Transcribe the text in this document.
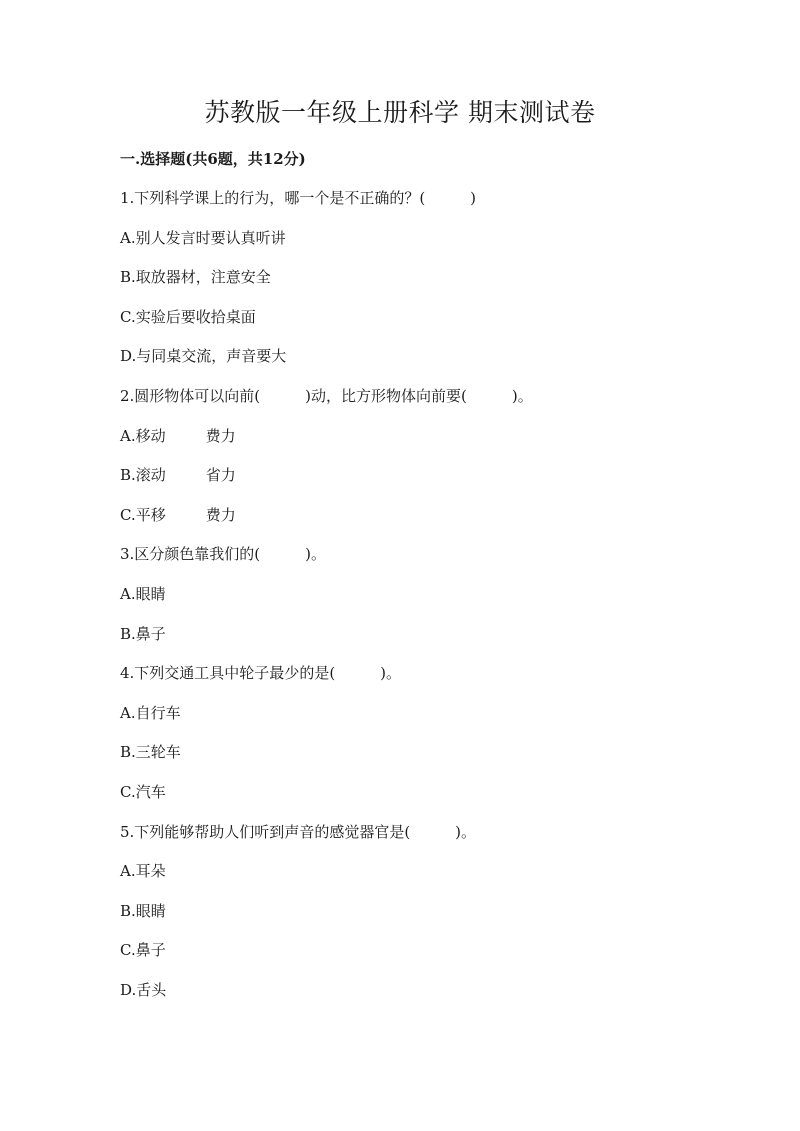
苏教版一年级上册科学 期末测试卷
一.选择题(共6题，共12分)
1.下列科学课上的行为，哪一个是不正确的？(　　　)
A.别人发言时要认真听讲
B.取放器材，注意安全
C.实验后要收拾桌面
D.与同桌交流，声音要大
2.圆形物体可以向前(　　　)动，比方形物体向前要(　　　)。
A.移动	费力
B.滚动	省力
C.平移	费力
3.区分颜色靠我们的(　　　)。
A.眼睛
B.鼻子
4.下列交通工具中轮子最少的是(　　　)。
A.自行车
B.三轮车
C.汽车
5.下列能够帮助人们听到声音的感觉器官是(　　　)。
A.耳朵
B.眼睛
C.鼻子
D.舌头
